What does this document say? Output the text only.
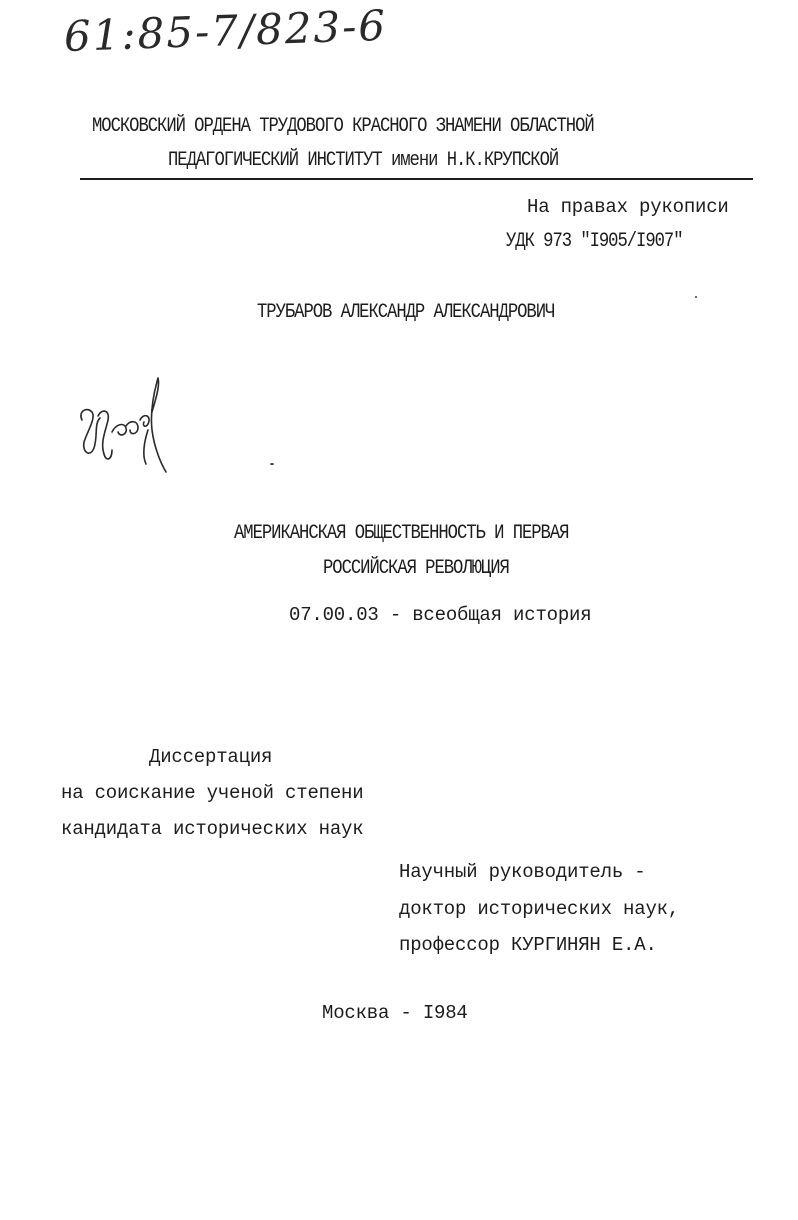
61:85-7/823-6
МОСКОВСКИЙ ОРДЕНА ТРУДОВОГО КРАСНОГО ЗНАМЕНИ ОБЛАСТНОЙ
ПЕДАГОГИЧЕСКИЙ ИНСТИТУТ имени Н.К.КРУПСКОЙ
На правах рукописи
УДК 973 "I905/I907"
ТРУБАРОВ АЛЕКСАНДР АЛЕКСАНДРОВИЧ
АМЕРИКАНСКАЯ ОБЩЕСТВЕННОСТЬ И ПЕРВАЯ
РОССИЙСКАЯ РЕВОЛЮЦИЯ
07.00.03 - всеобщая история
Диссертация
на соискание ученой степени
кандидата исторических наук
Научный руководитель -
доктор исторических наук,
профессор КУРГИНЯН Е.А.
Москва - I984
